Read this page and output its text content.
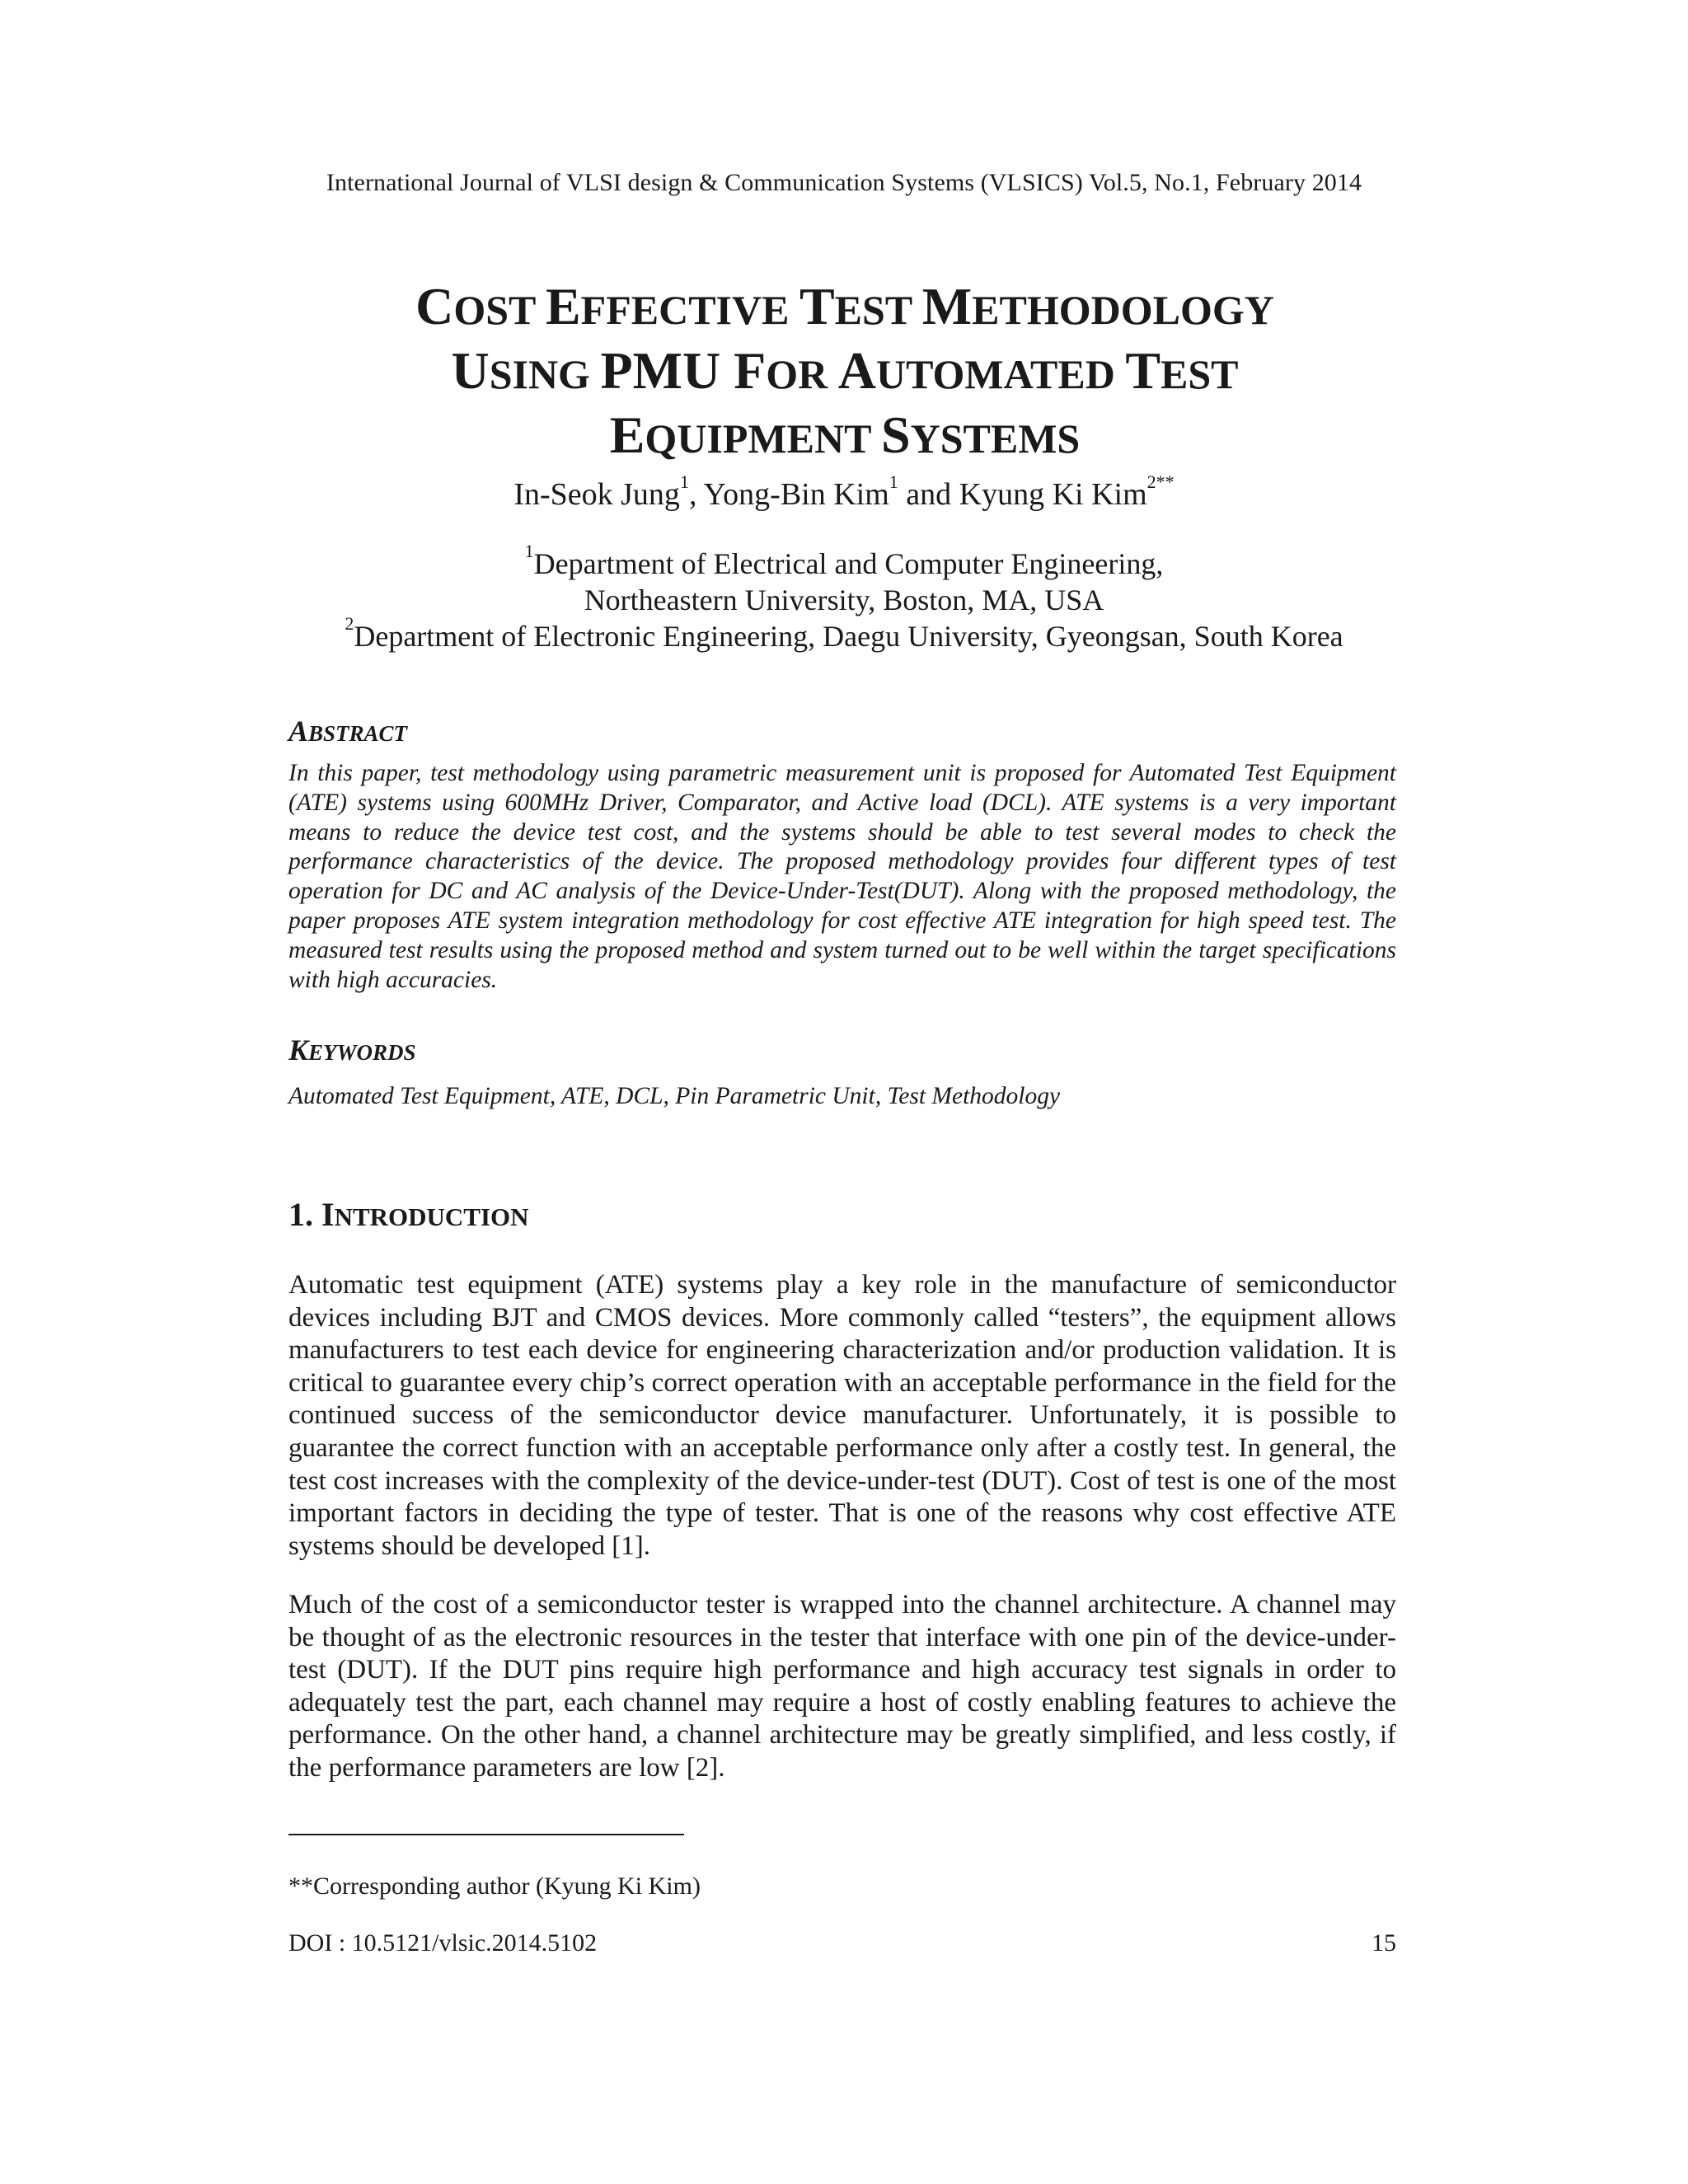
International Journal of VLSI design & Communication Systems (VLSICS) Vol.5, No.1, February 2014
COST EFFECTIVE TEST METHODOLOGY
USING PMU FOR AUTOMATED TEST
EQUIPMENT SYSTEMS
In-Seok Jung$^1$, Yong-Bin Kim$^1$ and Kyung Ki Kim$^{2**}$
$^1$Department of Electrical and Computer Engineering,
Northeastern University, Boston, MA, USA
$^2$Department of Electronic Engineering, Daegu University, Gyeongsan, South Korea
ABSTRACT
In this paper, test methodology using parametric measurement unit is proposed for Automated Test Equipment (ATE) systems using 600MHz Driver, Comparator, and Active load (DCL). ATE systems is a very important means to reduce the device test cost, and the systems should be able to test several modes to check the performance characteristics of the device. The proposed methodology provides four different types of test operation for DC and AC analysis of the Device-Under-Test(DUT). Along with the proposed methodology, the paper proposes ATE system integration methodology for cost effective ATE integration for high speed test. The measured test results using the proposed method and system turned out to be well within the target specifications with high accuracies.
KEYWORDS
Automated Test Equipment, ATE, DCL, Pin Parametric Unit, Test Methodology
1. INTRODUCTION
Automatic test equipment (ATE) systems play a key role in the manufacture of semiconductor devices including BJT and CMOS devices. More commonly called “testers”, the equipment allows manufacturers to test each device for engineering characterization and/or production validation. It is critical to guarantee every chip’s correct operation with an acceptable performance in the field for the continued success of the semiconductor device manufacturer. Unfortunately, it is possible to guarantee the correct function with an acceptable performance only after a costly test. In general, the test cost increases with the complexity of the device-under-test (DUT). Cost of test is one of the most important factors in deciding the type of tester. That is one of the reasons why cost effective ATE systems should be developed [1].
Much of the cost of a semiconductor tester is wrapped into the channel architecture. A channel may be thought of as the electronic resources in the tester that interface with one pin of the device-under-test (DUT). If the DUT pins require high performance and high accuracy test signals in order to adequately test the part, each channel may require a host of costly enabling features to achieve the performance. On the other hand, a channel architecture may be greatly simplified, and less costly, if the performance parameters are low [2].
**Corresponding author (Kyung Ki Kim)
DOI : 10.5121/vlsic.2014.5102	15
